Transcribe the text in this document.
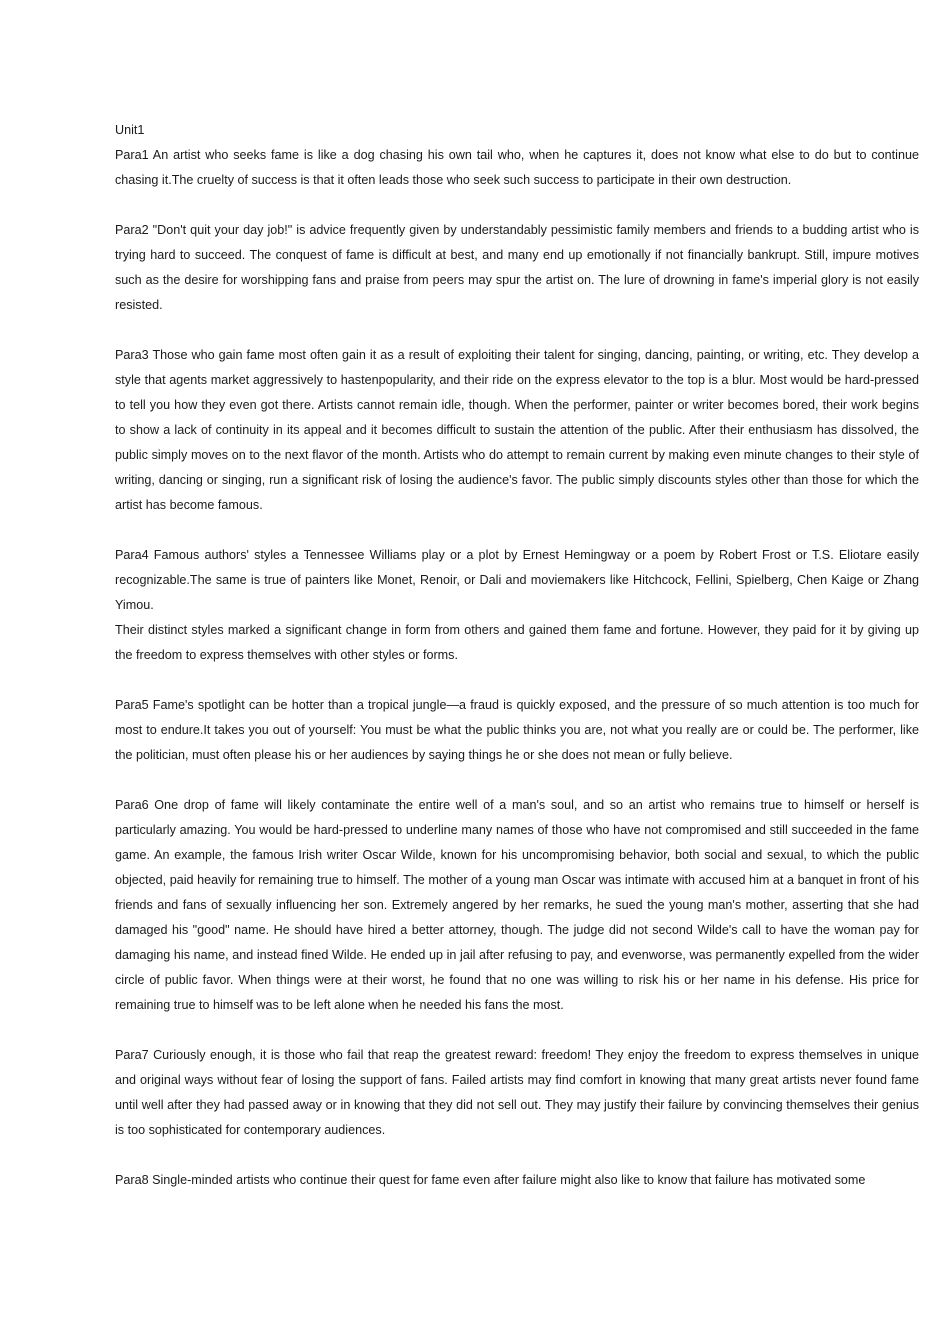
Unit1

Para1 An artist who seeks fame is like a dog chasing his own tail who, when he captures it, does not know what else to do but to continue chasing it.The cruelty of success is that it often leads those who seek such success to participate in their own destruction.

Para2 "Don't quit your day job!" is advice frequently given by understandably pessimistic family members and friends to a budding artist who is trying hard to succeed. The conquest of fame is difficult at best, and many end up emotionally if not financially bankrupt. Still, impure motives such as the desire for worshipping fans and praise from peers may spur the artist on. The lure of drowning in fame's imperial glory is not easily resisted.

Para3 Those who gain fame most often gain it as a result of exploiting their talent for singing, dancing, painting, or writing, etc. They develop a style that agents market aggressively to hastenpopularity, and their ride on the express elevator to the top is a blur. Most would be hard-pressed to tell you how they even got there. Artists cannot remain idle, though. When the performer, painter or writer becomes bored, their work begins to show a lack of continuity in its appeal and it becomes difficult to sustain the attention of the public. After their enthusiasm has dissolved, the public simply moves on to the next flavor of the month. Artists who do attempt to remain current by making even minute changes to their style of writing, dancing or singing, run a significant risk of losing the audience's favor. The public simply discounts styles other than those for which the artist has become famous.

Para4 Famous authors' styles a Tennessee Williams play or a plot by Ernest Hemingway or a poem by Robert Frost or T.S. Eliotare easily recognizable.The same is true of painters like Monet, Renoir, or Dali and moviemakers like Hitchcock, Fellini, Spielberg, Chen Kaige or Zhang Yimou.

Their distinct styles marked a significant change in form from others and gained them fame and fortune. However, they paid for it by giving up the freedom to express themselves with other styles or forms.

Para5 Fame's spotlight can be hotter than a tropical jungle—a fraud is quickly exposed, and the pressure of so much attention is too much for most to endure.It takes you out of yourself: You must be what the public thinks you are, not what you really are or could be. The performer, like the politician, must often please his or her audiences by saying things he or she does not mean or fully believe.

Para6 One drop of fame will likely contaminate the entire well of a man's soul, and so an artist who remains true to himself or herself is particularly amazing. You would be hard-pressed to underline many names of those who have not compromised and still succeeded in the fame game. An example, the famous Irish writer Oscar Wilde, known for his uncompromising behavior, both social and sexual, to which the public objected, paid heavily for remaining true to himself. The mother of a young man Oscar was intimate with accused him at a banquet in front of his friends and fans of sexually influencing her son. Extremely angered by her remarks, he sued the young man's mother, asserting that she had damaged his "good" name. He should have hired a better attorney, though. The judge did not second Wilde's call to have the woman pay for damaging his name, and instead fined Wilde. He ended up in jail after refusing to pay, and evenworse, was permanently expelled from the wider circle of public favor. When things were at their worst, he found that no one was willing to risk his or her name in his defense. His price for remaining true to himself was to be left alone when he needed his fans the most.

Para7 Curiously enough, it is those who fail that reap the greatest reward: freedom! They enjoy the freedom to express themselves in unique and original ways without fear of losing the support of fans. Failed artists may find comfort in knowing that many great artists never found fame until well after they had passed away or in knowing that they did not sell out. They may justify their failure by convincing themselves their genius is too sophisticated for contemporary audiences.

Para8 Single-minded artists who continue their quest for fame even after failure might also like to know that failure has motivated some
